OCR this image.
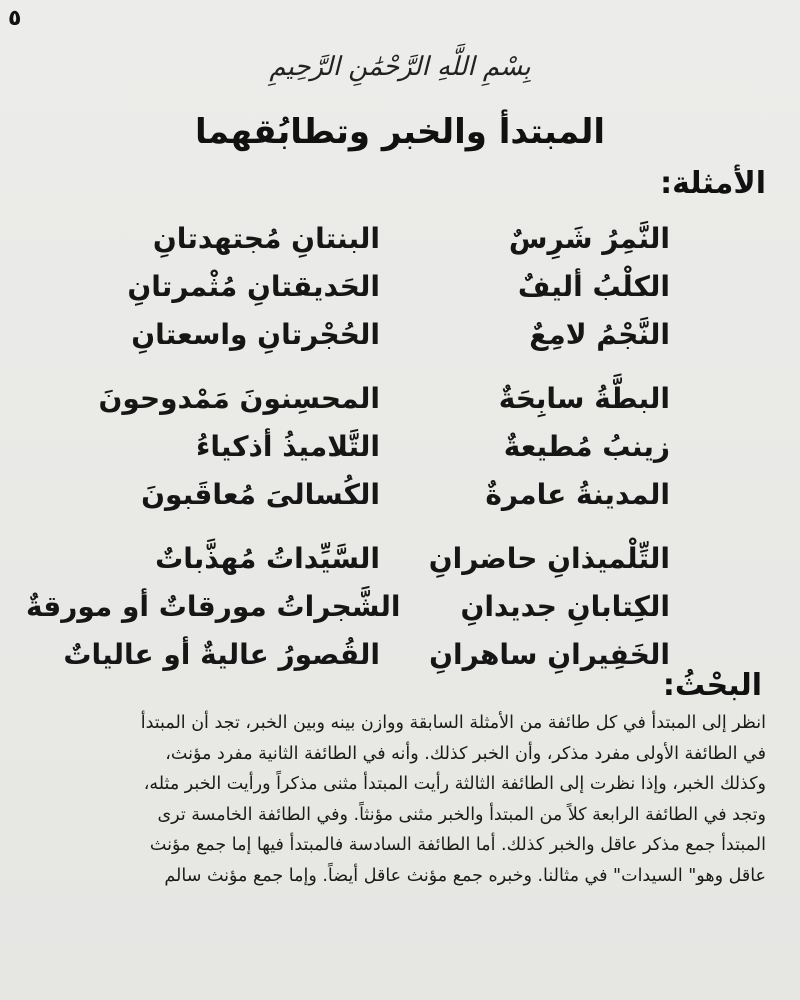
٥
بِسْمِ اللَّهِ الرَّحْمَٰنِ الرَّحِيمِ
المبتدأ والخبر وتطابُقهما
الأمثلة:
النَّمِرُ شَرِسٌ
البنتانِ مُجتهدتانِ
الكلْبُ أليفٌ
الحَديقتانِ مُثْمرتانِ
النَّجْمُ لامِعٌ
الحُجْرتانِ واسعتانِ
البطَّةُ سابِحَةٌ
المحسِنونَ مَمْدوحونَ
زينبُ مُطيعةٌ
التَّلاميذُ أذكياءُ
المدينةُ عامرةٌ
الكُسالىَ مُعاقَبونَ
التِّلْميذانِ حاضرانِ
السَّيِّداتُ مُهذَّباتٌ
الكِتابانِ جديدانِ
الشَّجراتُ مورقاتٌ أو مورقةٌ
الخَفِيرانِ ساهرانِ
القُصورُ عاليةٌ أو عالياتٌ
البحْثُ:
انظر إلى المبتدأ في كل طائفة من الأمثلة السابقة ووازن بينه وبين الخبر، تجد أن المبتدأ
في الطائفة الأولى مفرد مذكر، وأن الخبر كذلك. وأنه في الطائفة الثانية مفرد مؤنث،
وكذلك الخبر، وإذا نظرت إلى الطائفة الثالثة رأيت المبتدأ مثنى مذكراً ورأيت الخبر مثله،
وتجد في الطائفة الرابعة كلاً من المبتدأ والخبر مثنى مؤنثاً. وفي الطائفة الخامسة ترى
المبتدأ جمع مذكر عاقل والخبر كذلك. أما الطائفة السادسة فالمبتدأ فيها إما جمع مؤنث
عاقل وهو" السيدات" في مثالنا. وخبره جمع مؤنث عاقل أيضاً. وإما جمع مؤنث سالم
